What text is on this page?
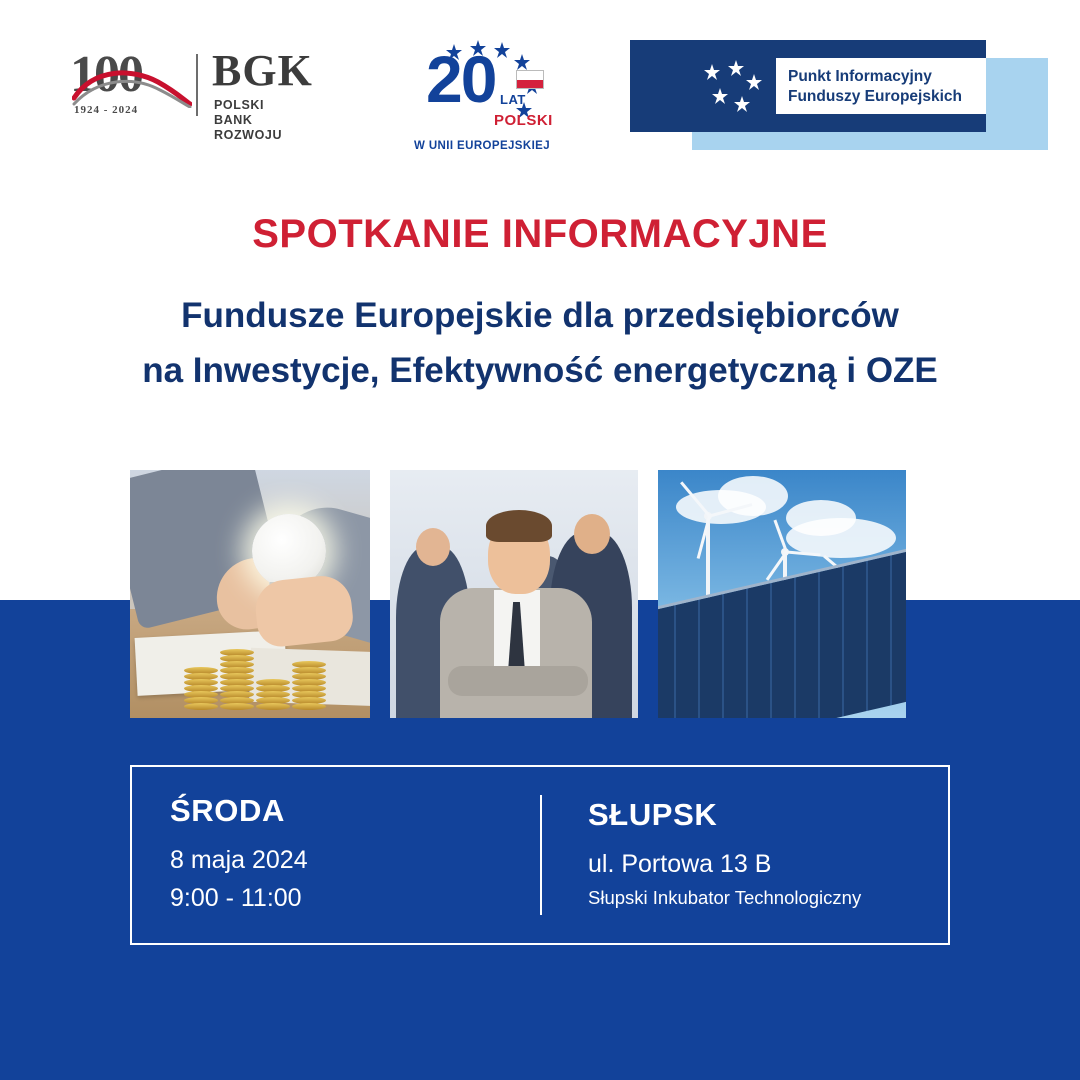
100
1924 - 2024
BGK
POLSKI BANK
ROZWOJU
20 LAT
POLSKI
W UNII EUROPEJSKIEJ
Punkt Informacyjny
Funduszy Europejskich
SPOTKANIE INFORMACYJNE
Fundusze Europejskie dla przedsiębiorców
na Inwestycje, Efektywność energetyczną i OZE
ŚRODA
8 maja 2024
9:00 - 11:00
SŁUPSK
ul. Portowa 13 B
Słupski Inkubator Technologiczny
